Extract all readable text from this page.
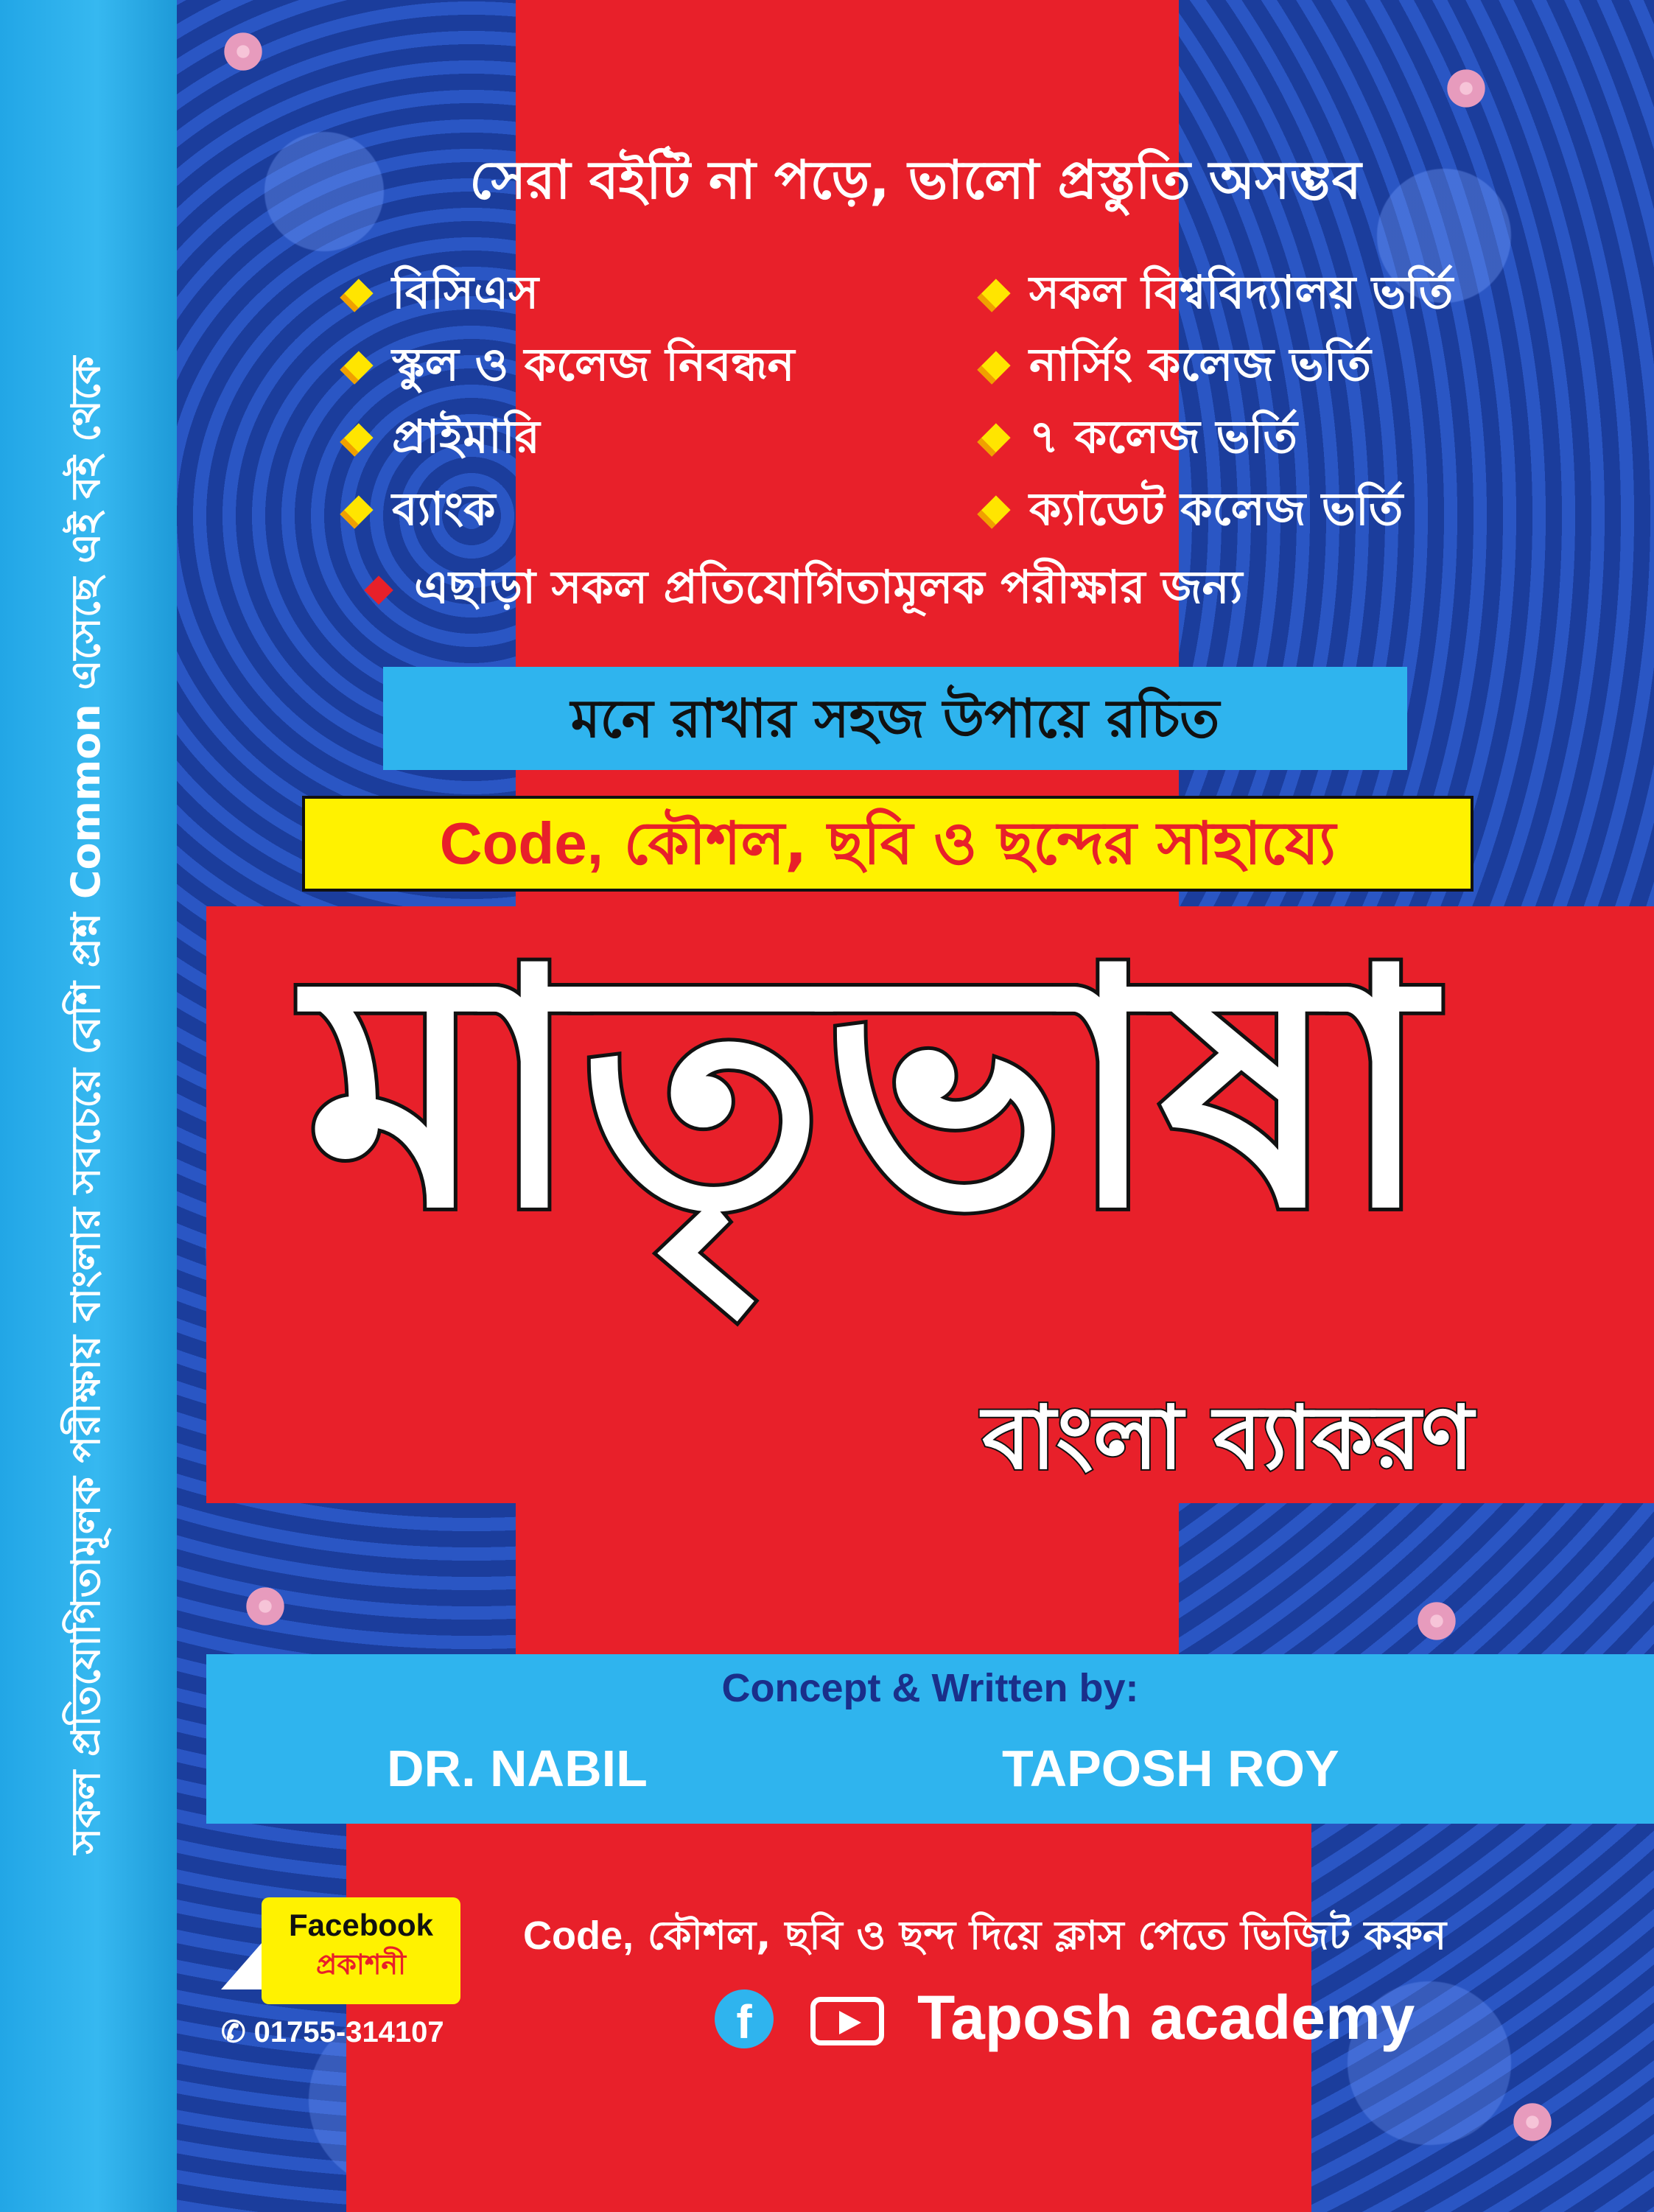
সকল প্রতিযোগিতামূলক পরীক্ষায় বাংলার সবচেয়ে বেশি প্রশ্ন Common এসেছে এই বই থেকে
সেরা বইটি না পড়ে, ভালো প্রস্তুতি অসম্ভব
বিসিএস
স্কুল ও কলেজ নিবন্ধন
প্রাইমারি
ব্যাংক
সকল বিশ্ববিদ্যালয় ভর্তি
নার্সিং কলেজ ভর্তি
৭ কলেজ ভর্তি
ক্যাডেট কলেজ ভর্তি
এছাড়া সকল প্রতিযোগিতামূলক পরীক্ষার জন্য
মনে রাখার সহজ উপায়ে রচিত
Code, কৌশল, ছবি ও ছন্দের সাহায্যে
মাতৃভাষা
বাংলা ব্যাকরণ
Concept & Written by:
DR. NABIL	TAPOSH ROY
Facebook
প্রকাশনী
✆ 01755-314107
Code, কৌশল, ছবি ও ছন্দ দিয়ে ক্লাস পেতে ভিজিট করুন
f	Taposh academy
